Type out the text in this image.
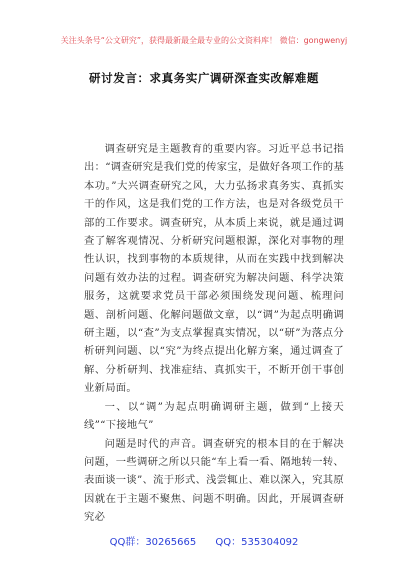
关注头条号“公文研究”，获得最新最全最专业的公文资料库！ 微信：gongwenyj
研讨发言：求真务实广调研深查实改解难题

调查研究是主题教育的重要内容。习近平总书记指出：“调查研究是我们党的传家宝，是做好各项工作的基本功。”大兴调查研究之风，大力弘扬求真务实、真抓实干的作风，这是我们党的工作方法，也是对各级党员干部的工作要求。调查研究，从本质上来说，就是通过调查了解客观情况、分析研究问题根源，深化对事物的理性认识，找到事物的本质规律，从而在实践中找到解决问题有效办法的过程。调查研究为解决问题、科学决策服务，这就要求党员干部必须围绕发现问题、梳理问题、剖析问题、化解问题做文章，以“调”为起点明确调研主题，以“查”为支点掌握真实情况，以“研”为落点分析研判问题、以“究”为终点提出化解方案，通过调查了解、分析研判、找准症结、真抓实干，不断开创干事创业新局面。

一、以“调”为起点明确调研主题，做到“上接天线”“下接地气”

问题是时代的声音。调查研究的根本目的在于解决问题，一些调研之所以只能“车上看一看、隔地转一转、表面谈一谈”、流于形式、浅尝辄止、难以深入，究其原因就在于主题不聚焦、问题不明确。因此，开展调查研究必

QQ群：30265665 QQ：535304092
